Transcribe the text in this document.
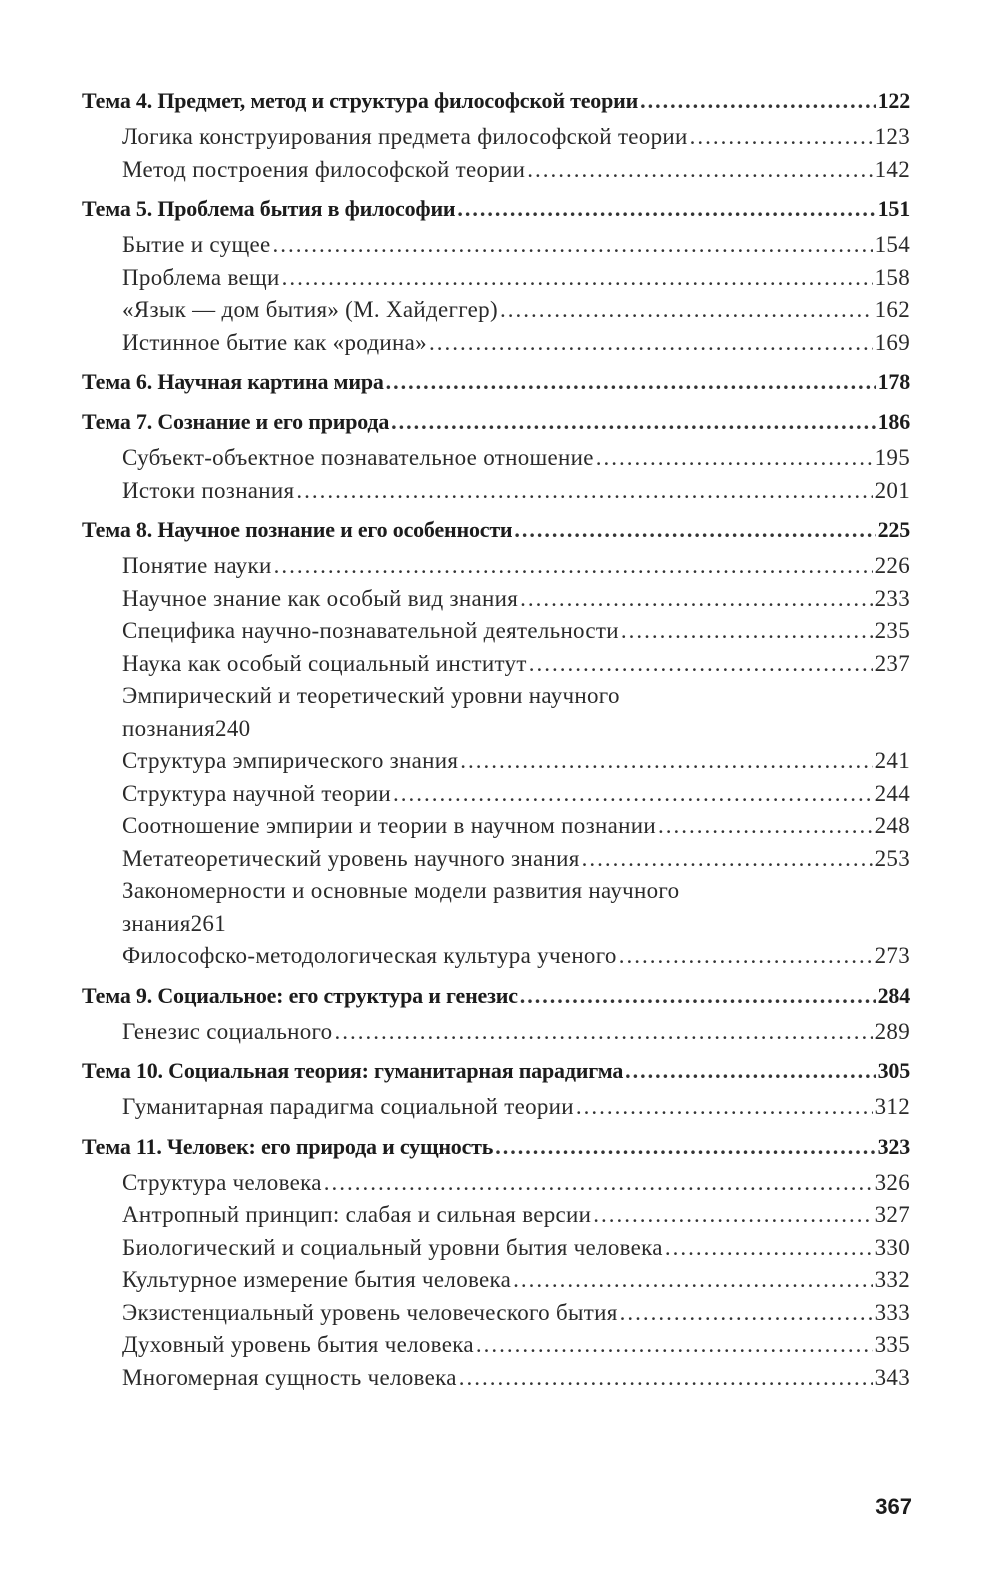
Тема 4. Предмет, метод и структура философской теории .....	122
Логика конструирования предмета философской теории .....	123
Метод построения философской теории .....	142
Тема 5. Проблема бытия в философии .....	151
Бытие и сущее .....	154
Проблема вещи .....	158
«Язык — дом бытия» (М. Хайдеггер) .....	162
Истинное бытие как «родина» .....	169
Тема 6. Научная картина мира .....	178
Тема 7. Сознание и его природа .....	186
Субъект-объектное познавательное отношение .....	195
Истоки познания .....	201
Тема 8. Научное познание и его особенности .....	225
Понятие науки .....	226
Научное знание как особый вид знания .....	233
Специфика научно-познавательной деятельности .....	235
Наука как особый социальный институт .....	237
Эмпирический и теоретический уровни научного
познания 240
Структура эмпирического знания .....	241
Структура научной теории .....	244
Соотношение эмпирии и теории в научном познании .....	248
Метатеоретический уровень научного знания .....	253
Закономерности и основные модели развития научного
знания 261
Философско-методологическая культура ученого .....	273
Тема 9. Социальное: его структура и генезис .....	284
Генезис социального .....	289
Тема 10. Социальная теория: гуманитарная парадигма .....	305
Гуманитарная парадигма социальной теории .....	312
Тема 11. Человек: его природа и сущность .....	323
Структура человека .....	326
Антропный принцип: слабая и сильная версии .....	327
Биологический и социальный уровни бытия человека .....	330
Культурное измерение бытия человека .....	332
Экзистенциальный уровень человеческого бытия .....	333
Духовный уровень бытия человека .....	335
Многомерная сущность человека .....	343
367
